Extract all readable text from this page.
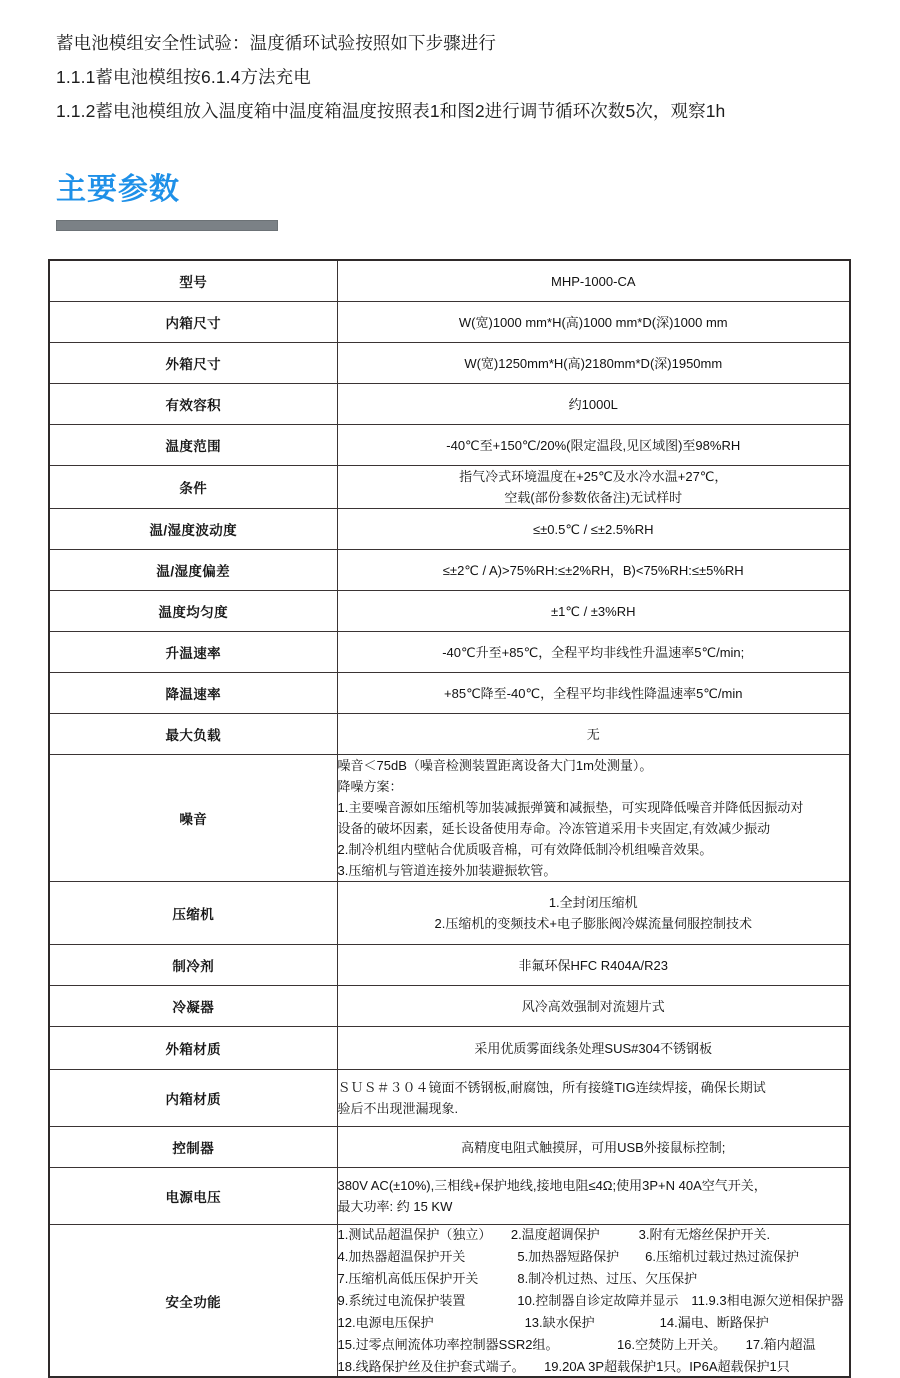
蓄电池模组安全性试验：温度循环试验按照如下步骤进行
1.1.1蓄电池模组按6.1.4方法充电
1.1.2蓄电池模组放入温度箱中温度箱温度按照表1和图2进行调节循环次数5次，观察1h
主要参数
型号	MHP-1000-CA

内箱尺寸	W(宽)1000 mm*H(高)1000 mm*D(深)1000 mm

外箱尺寸	W(宽)1250mm*H(高)2180mm*D(深)1950mm

有效容积	约1000L

温度范围	-40℃至+150℃/20%(限定温段,见区域图)至98%RH

条件	指气冷式环境温度在+25℃及水冷水温+27℃，
空载(部份参数依备注)无试样时

温/湿度波动度	≤±0.5℃ / ≤±2.5%RH

温/湿度偏差	≤±2℃ / A)>75%RH:≤±2%RH，B)<75%RH:≤±5%RH

温度均匀度	±1℃ / ±3%RH

升温速率	-40℃升至+85℃，全程平均非线性升温速率5℃/min;

降温速率	+85℃降至-40℃，全程平均非线性降温速率5℃/min

最大负载	无

噪音	
噪音＜75dB（噪音检测装置距离设备大门1m处测量）。
降噪方案：
1.主要噪音源如压缩机等加装减振弹簧和减振垫，可实现降低噪音并降低因振动对
设备的破坏因素，延长设备使用寿命。冷冻管道采用卡夹固定,有效减少振动
2.制冷机组内壁帖合优质吸音棉，可有效降低制冷机组噪音效果。
3.压缩机与管道连接外加装避振软管。

压缩机	1.全封闭压缩机
2.压缩机的变频技术+电子膨胀阀冷媒流量伺服控制技术

制冷剂	非氟环保HFC R404A/R23

冷凝器	风冷高效强制对流翅片式

外箱材质	采用优质雾面线条处理SUS#304不锈钢板

内箱材质	ＳＵＳ＃３０４镜面不锈钢板,耐腐蚀，所有接缝TIG连续焊接，确保长期试
验后不出现泄漏现象.

控制器	高精度电阻式触摸屏，可用USB外接鼠标控制;

电源电压	380V AC(±10%),三相线+保护地线,接地电阻≤4Ω;使用3P+N 40A空气开关，
最大功率: 约 15 KW

安全功能	
1.测试品超温保护（独立）　　2.温度超调保护　　　3.附有无熔丝保护开关.
4.加热器超温保护开关　　　　5.加热器短路保护　　6.压缩机过载过热过流保护
7.压缩机高低压保护开关　　　8.制冷机过热、过压、欠压保护
9.系统过电流保护装置　　　　10.控制器自诊定故障并显示　11.9.3相电源欠逆相保护器
12.电源电压保护　　　　　　　13.缺水保护　　　　　14.漏电、断路保护
15.过零点闸流体功率控制器SSR2组。　　　　　16.空焚防上开关。　　17.箱内超温
18.线路保护丝及住护套式端子。　　19.20A 3P超载保护1只。IP6A超载保护1只
